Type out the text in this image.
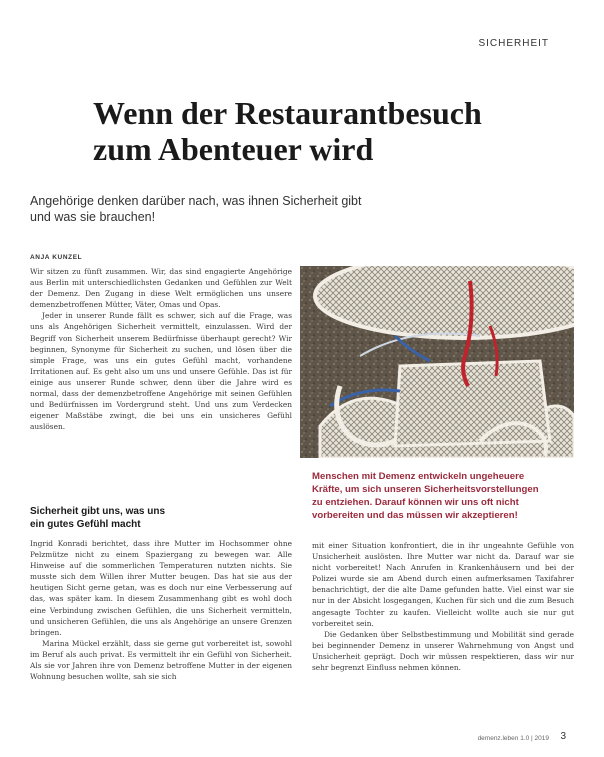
SICHERHEIT
Wenn der Restaurantbesuch
zum Abenteuer wird
Angehörige denken darüber nach, was ihnen Sicherheit gibt
und was sie brauchen!
ANJA KUNZEL

Wir sitzen zu fünft zusammen. Wir, das sind engagierte Angehörige aus Berlin mit unterschiedlichsten Gedanken und Gefühlen zur Welt der Demenz. Den Zugang in diese Welt ermöglichen uns unsere demenzbetroffenen Mütter, Väter, Omas und Opas.

Jeder in unserer Runde fällt es schwer, sich auf die Frage, was uns als Angehörigen Sicherheit vermittelt, einzulassen. Wird der Begriff von Sicherheit unserem Bedürfnisse überhaupt gerecht? Wir beginnen, Synonyme für Sicherheit zu suchen, und lösen über die simple Frage, was uns ein gutes Gefühl macht, vorhandene Irritationen auf. Es geht also um uns und unsere Gefühle. Das ist für einige aus unserer Runde schwer, denn über die Jahre wird es normal, dass der demenzbetroffene Angehörige mit seinen Gefühlen und Bedürfnissen im Vordergrund steht. Und uns zum Verdecken eigener Maßstäbe zwingt, die bei uns ein unsicheres Gefühl auslösen.

© Anja Kunzel/Mageon
Menschen mit Demenz entwickeln ungeheuere
Kräfte, um sich unseren Sicherheitsvorstellungen
zu entziehen. Darauf können wir uns oft nicht
vorbereiten und das müssen wir akzeptieren!
Sicherheit gibt uns, was uns
ein gutes Gefühl macht

Ingrid Konradi berichtet, dass ihre Mutter im Hochsommer ohne Pelzmütze nicht zu einem Spaziergang zu bewegen war. Alle Hinweise auf die sommerlichen Temperaturen nutzten nichts. Sie musste sich dem Willen ihrer Mutter beugen. Das hat sie aus der heutigen Sicht gerne getan, was es doch nur eine Verbesserung auf das, was später kam. In diesem Zusammenhang gibt es wohl doch eine Verbindung zwischen Gefühlen, die uns Sicherheit vermitteln, und unsicheren Gefühlen, die uns als Angehörige an unsere Grenzen bringen.

Marina Mückel erzählt, dass sie gerne gut vorbereitet ist, sowohl im Beruf als auch privat. Es vermittelt ihr ein Gefühl von Sicherheit. Als sie vor Jahren ihre von Demenz betroffene Mutter in der eigenen Wohnung besuchen wollte, sah sie sich

mit einer Situation konfrontiert, die in ihr ungeahnte Gefühle von Unsicherheit auslösten. Ihre Mutter war nicht da. Darauf war sie nicht vorbereitet! Nach Anrufen in Krankenhäusern und bei der Polizei wurde sie am Abend durch einen aufmerksamen Taxifahrer benachrichtigt, der die alte Dame gefunden hatte. Viel einst war sie nur in der Absicht losgegangen, Kuchen für sich und die zum Besuch angesagte Tochter zu kaufen. Vielleicht wollte auch sie nur gut vorbereitet sein.

Die Gedanken über Selbstbestimmung und Mobilität sind gerade bei beginnender Demenz in unserer Wahrnehmung von Angst und Unsicherheit geprägt. Doch wir müssen respektieren, dass wir nur sehr begrenzt Einfluss nehmen können.

demenz.leben 1.0 | 2019 3
